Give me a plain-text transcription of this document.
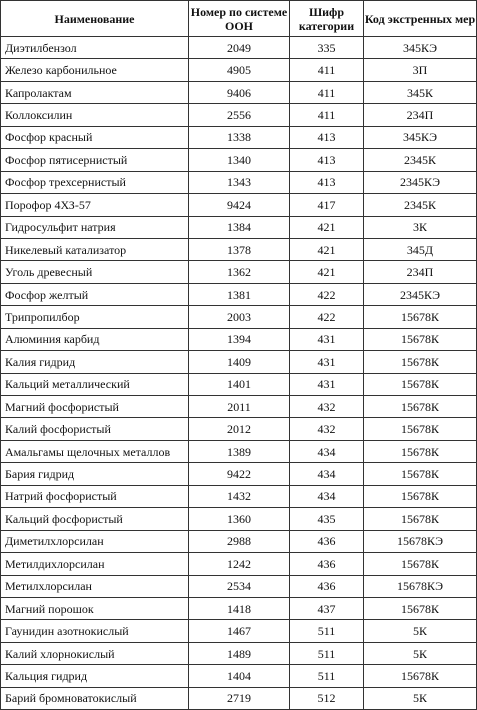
Наименование	Номер по системе ООН	Шифр категории	Код экстренных мер
Диэтилбензол	2049	335	345КЭ
Железо карбонильное	4905	411	3П
Капролактам	9406	411	345К
Коллоксилин	2556	411	234П
Фосфор красный	1338	413	345КЭ
Фосфор пятисернистый	1340	413	2345К
Фосфор трехсернистый	1343	413	2345КЭ
Порофор 4ХЗ-57	9424	417	2345К
Гидросульфит натрия	1384	421	3К
Никелевый катализатор	1378	421	345Д
Уголь древесный	1362	421	234П
Фосфор желтый	1381	422	2345КЭ
Трипропилбор	2003	422	15678К
Алюминия карбид	1394	431	15678К
Калия гидрид	1409	431	15678К
Кальций металлический	1401	431	15678К
Магний фосфористый	2011	432	15678К
Калий фосфористый	2012	432	15678К
Амальгамы щелочных металлов	1389	434	15678К
Бария гидрид	9422	434	15678К
Натрий фосфористый	1432	434	15678К
Кальций фосфористый	1360	435	15678К
Диметилхлорсилан	2988	436	15678КЭ
Метилдихлорсилан	1242	436	15678К
Метилхлорсилан	2534	436	15678КЭ
Магний порошок	1418	437	15678К
Гаунидин азотнокислый	1467	511	5К
Калий хлорнокислый	1489	511	5К
Кальция гидрид	1404	511	15678К
Барий бромноватокислый	2719	512	5К
